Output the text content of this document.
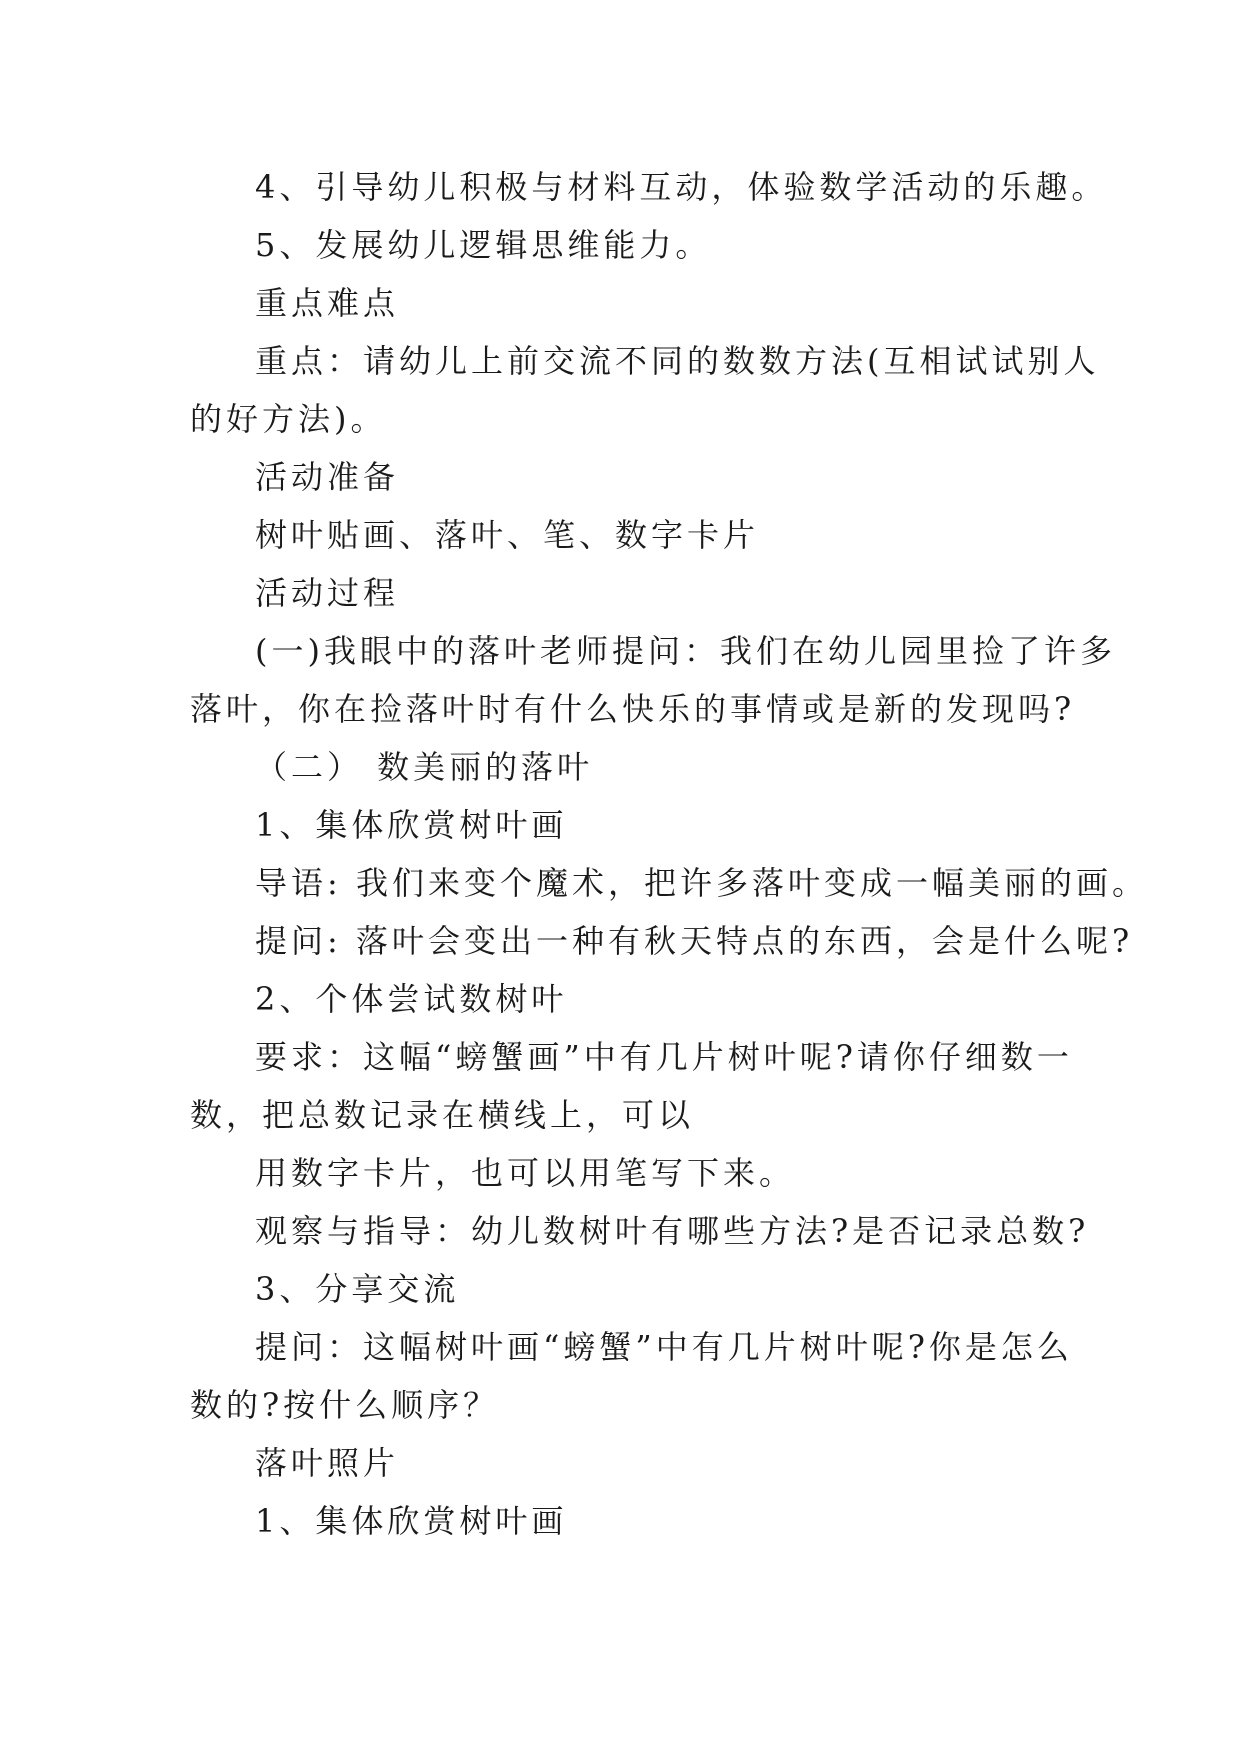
4、引导幼儿积极与材料互动，体验数学活动的乐趣。

5、发展幼儿逻辑思维能力。

重点难点

重点：请幼儿上前交流不同的数数方法(互相试试别人

的好方法)。

活动准备

树叶贴画、落叶、笔、数字卡片

活动过程

(一)我眼中的落叶老师提问：我们在幼儿园里捡了许多

落叶，你在捡落叶时有什么快乐的事情或是新的发现吗?

（二） 数美丽的落叶

1、集体欣赏树叶画

导语: 我们来变个魔术，把许多落叶变成一幅美丽的画。

提问: 落叶会变出一种有秋天特点的东西，会是什么呢?

2、个体尝试数树叶

要求：这幅“螃蟹画”中有几片树叶呢?请你仔细数一

数，把总数记录在横线上，可以

用数字卡片，也可以用笔写下来。

观察与指导：幼儿数树叶有哪些方法?是否记录总数?

3、分享交流

提问：这幅树叶画“螃蟹”中有几片树叶呢?你是怎么

数的?按什么顺序？

落叶照片

1、集体欣赏树叶画
